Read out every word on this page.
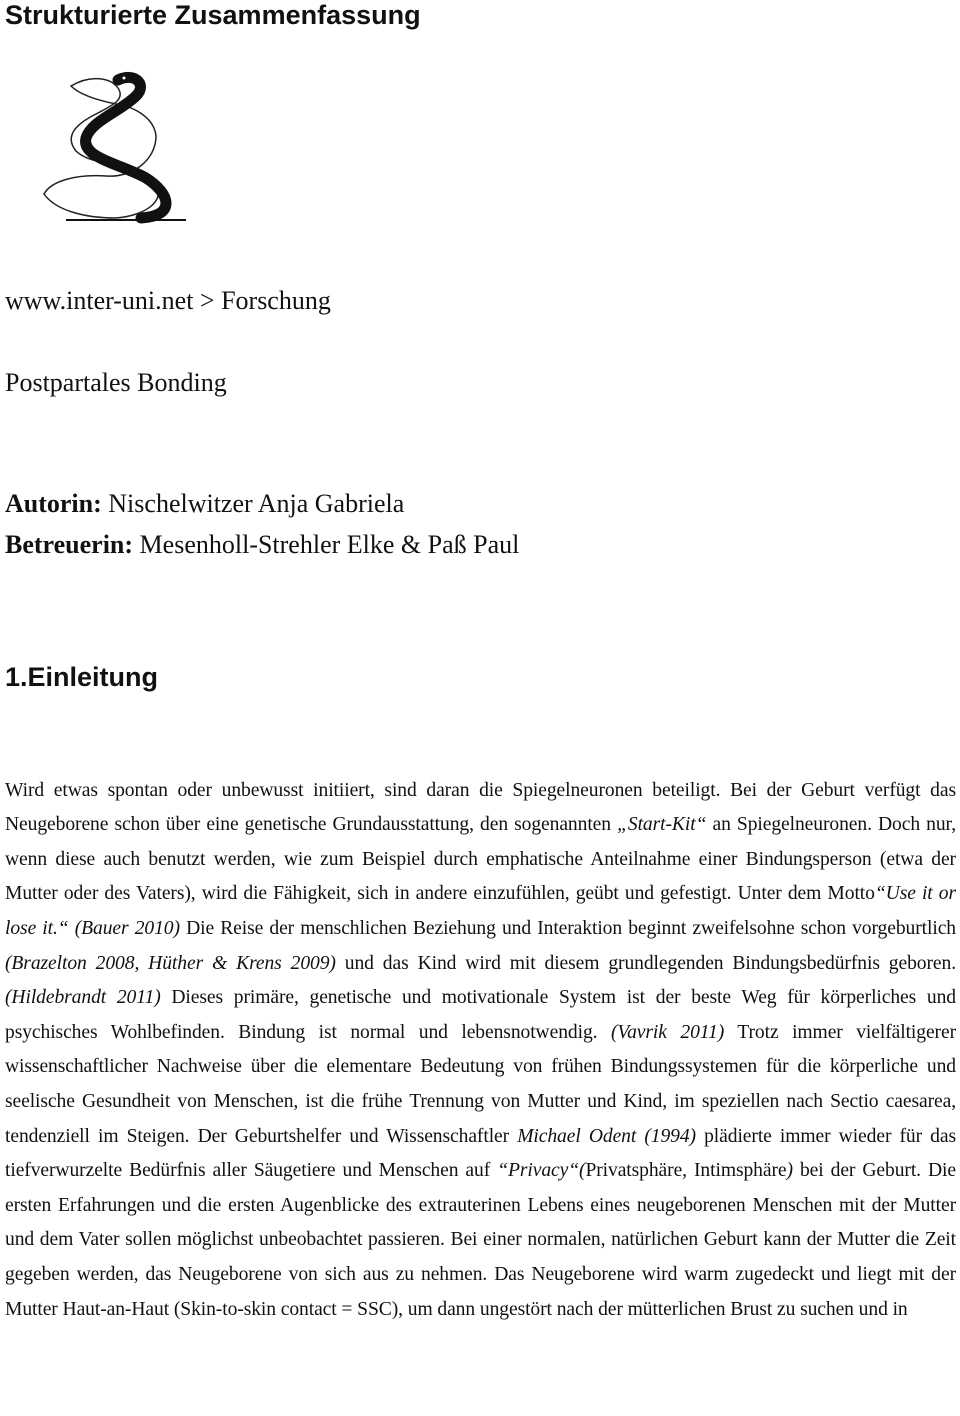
Strukturierte Zusammenfassung
www.inter-uni.net > Forschung
Postpartales Bonding
Autorin: Nischelwitzer Anja Gabriela
Betreuerin: Mesenholl-Strehler Elke & Paß Paul
1.Einleitung

Wird etwas spontan oder unbewusst initiiert, sind daran die Spiegelneuronen beteiligt. Bei der Geburt verfügt das Neugeborene schon über eine genetische Grundausstattung, den sogenannten „Start-Kit“ an Spiegelneuronen. Doch nur, wenn diese auch benutzt werden, wie zum Beispiel durch emphatische Anteilnahme einer Bindungsperson (etwa der Mutter oder des Vaters), wird die Fähigkeit, sich in andere einzufühlen, geübt und gefestigt. Unter dem Motto“Use it or lose it.“ (Bauer 2010) Die Reise der menschlichen Beziehung und Interaktion beginnt zweifelsohne schon vorgeburtlich (Brazelton 2008, Hüther & Krens 2009) und das Kind wird mit diesem grundlegenden Bindungsbedürfnis geboren. (Hildebrandt 2011) Dieses primäre, genetische und motivationale System ist der beste Weg für körperliches und psychisches Wohlbefinden. Bindung ist normal und lebensnotwendig. (Vavrik 2011) Trotz immer vielfältigerer wissenschaftlicher Nachweise über die elementare Bedeutung von frühen Bindungssystemen für die körperliche und seelische Gesundheit von Menschen, ist die frühe Trennung von Mutter und Kind, im speziellen nach Sectio caesarea, tendenziell im Steigen. Der Geburtshelfer und Wissenschaftler Michael Odent (1994) plädierte immer wieder für das tiefverwurzelte Bedürfnis aller Säugetiere und Menschen auf “Privacy“(Privatsphäre, Intimsphäre) bei der Geburt. Die ersten Erfahrungen und die ersten Augenblicke des extrauterinen Lebens eines neugeborenen Menschen mit der Mutter und dem Vater sollen möglichst unbeobachtet passieren. Bei einer normalen, natürlichen Geburt kann der Mutter die Zeit gegeben werden, das Neugeborene von sich aus zu nehmen. Das Neugeborene wird warm zugedeckt und liegt mit der Mutter Haut-an-Haut (Skin-to-skin contact = SSC), um dann ungestört nach der mütterlichen Brust zu suchen und in
